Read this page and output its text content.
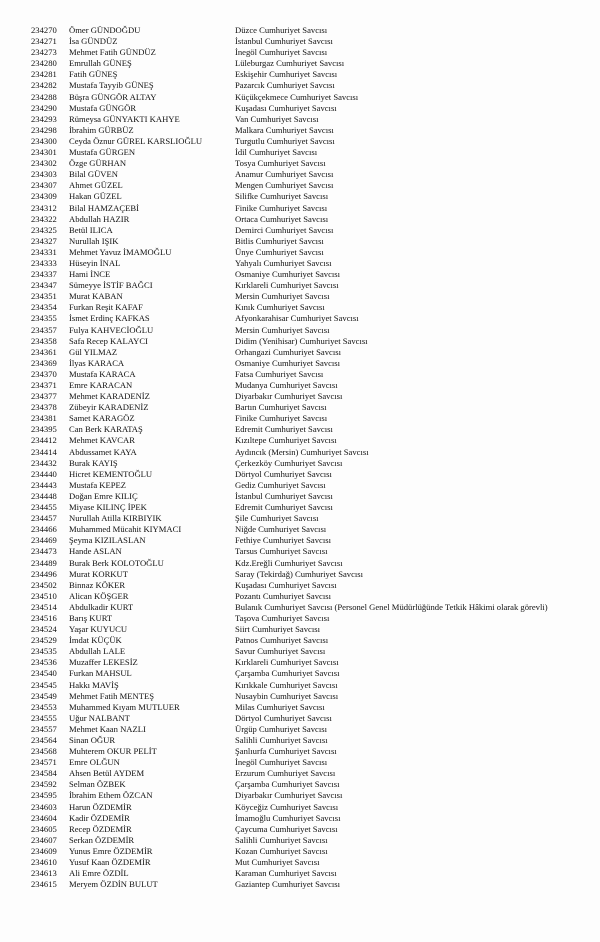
234270 Ömer GÜNDOĞDU	Düzce Cumhuriyet Savcısı
234271 İsa GÜNDÜZ	İstanbul Cumhuriyet Savcısı
234273 Mehmet Fatih GÜNDÜZ	İnegöl Cumhuriyet Savcısı
234280 Emrullah GÜNEŞ	Lüleburgaz Cumhuriyet Savcısı
234281 Fatih GÜNEŞ	Eskişehir Cumhuriyet Savcısı
234282 Mustafa Tayyib GÜNEŞ	Pazarcık Cumhuriyet Savcısı
234288 Büşra GÜNGÖR ALTAY	Küçükçekmece Cumhuriyet Savcısı
234290 Mustafa GÜNGÖR	Kuşadası Cumhuriyet Savcısı
234293 Rümeysa GÜNYAKTI KAHYE	Van Cumhuriyet Savcısı
234298 İbrahim GÜRBÜZ	Malkara Cumhuriyet Savcısı
234300 Ceyda Öznur GÜREL KARSLIOĞLU	Turgutlu Cumhuriyet Savcısı
234301 Mustafa GÜRGEN	İdil Cumhuriyet Savcısı
234302 Özge GÜRHAN	Tosya Cumhuriyet Savcısı
234303 Bilal GÜVEN	Anamur Cumhuriyet Savcısı
234307 Ahmet GÜZEL	Mengen Cumhuriyet Savcısı
234309 Hakan GÜZEL	Silifke Cumhuriyet Savcısı
234312 Bilal HAMZAÇEBİ	Finike Cumhuriyet Savcısı
234322 Abdullah HAZIR	Ortaca Cumhuriyet Savcısı
234325 Betül ILICA	Demirci Cumhuriyet Savcısı
234327 Nurullah IŞIK	Bitlis Cumhuriyet Savcısı
234331 Mehmet Yavuz İMAMOĞLU	Ünye Cumhuriyet Savcısı
234333 Hüseyin İNAL	Yahyalı Cumhuriyet Savcısı
234337 Hami İNCE	Osmaniye Cumhuriyet Savcısı
234347 Sümeyye İSTİF BAĞCI	Kırklareli Cumhuriyet Savcısı
234351 Murat KABAN	Mersin Cumhuriyet Savcısı
234354 Furkan Reşit KAFAF	Kınık Cumhuriyet Savcısı
234355 İsmet Erdinç KAFKAS	Afyonkarahisar Cumhuriyet Savcısı
234357 Fulya KAHVECİOĞLU	Mersin Cumhuriyet Savcısı
234358 Safa Recep KALAYCI	Didim (Yenihisar) Cumhuriyet Savcısı
234361 Gül YILMAZ	Orhangazi Cumhuriyet Savcısı
234369 İlyas KARACA	Osmaniye Cumhuriyet Savcısı
234370 Mustafa KARACA	Fatsa Cumhuriyet Savcısı
234371 Emre KARACAN	Mudanya Cumhuriyet Savcısı
234377 Mehmet KARADENİZ	Diyarbakır Cumhuriyet Savcısı
234378 Zübeyir KARADENİZ	Bartın Cumhuriyet Savcısı
234381 Samet KARAGÖZ	Finike Cumhuriyet Savcısı
234395 Can Berk KARATAŞ	Edremit Cumhuriyet Savcısı
234412 Mehmet KAVCAR	Kızıltepe Cumhuriyet Savcısı
234414 Abdussamet KAYA	Aydıncık (Mersin) Cumhuriyet Savcısı
234432 Burak KAYIŞ	Çerkezköy Cumhuriyet Savcısı
234440 Hicret KEMENTOĞLU	Dörtyol Cumhuriyet Savcısı
234443 Mustafa KEPEZ	Gediz Cumhuriyet Savcısı
234448 Doğan Emre KILIÇ	İstanbul Cumhuriyet Savcısı
234455 Miyase KILINÇ İPEK	Edremit Cumhuriyet Savcısı
234457 Nurullah Atilla KIRBIYIK	Şile Cumhuriyet Savcısı
234466 Muhammed Mücahit KIYMACI	Niğde Cumhuriyet Savcısı
234469 Şeyma KIZILASLAN	Fethiye Cumhuriyet Savcısı
234473 Hande ASLAN	Tarsus Cumhuriyet Savcısı
234489 Burak Berk KOLOTOĞLU	Kdz.Ereğli Cumhuriyet Savcısı
234496 Murat KORKUT	Saray (Tekirdağ) Cumhuriyet Savcısı
234502 Binnaz KÖKER	Kuşadası Cumhuriyet Savcısı
234510 Alican KÖŞGER	Pozantı Cumhuriyet Savcısı
234514 Abdulkadir KURT	Bulanık Cumhuriyet Savcısı (Personel Genel Müdürlüğünde Tetkik Hâkimi olarak görevli)
234516 Barış KURT	Taşova Cumhuriyet Savcısı
234524 Yaşar KUYUCU	Siirt Cumhuriyet Savcısı
234529 İmdat KÜÇÜK	Patnos Cumhuriyet Savcısı
234535 Abdullah LALE	Savur Cumhuriyet Savcısı
234536 Muzaffer LEKESİZ	Kırklareli Cumhuriyet Savcısı
234540 Furkan MAHSUL	Çarşamba Cumhuriyet Savcısı
234545 Hakkı MAVİŞ	Kırıkkale Cumhuriyet Savcısı
234549 Mehmet Fatih MENTEŞ	Nusaybin Cumhuriyet Savcısı
234553 Muhammed Kıyam MUTLUER	Milas Cumhuriyet Savcısı
234555 Uğur NALBANT	Dörtyol Cumhuriyet Savcısı
234557 Mehmet Kaan NAZLI	Ürgüp Cumhuriyet Savcısı
234564 Sinan OĞUR	Salihli Cumhuriyet Savcısı
234568 Muhterem OKUR PELİT	Şanlıurfa Cumhuriyet Savcısı
234571 Emre OLĞUN	İnegöl Cumhuriyet Savcısı
234584 Ahsen Betül AYDEM	Erzurum Cumhuriyet Savcısı
234592 Selman ÖZBEK	Çarşamba Cumhuriyet Savcısı
234595 İbrahim Ethem ÖZCAN	Diyarbakır Cumhuriyet Savcısı
234603 Harun ÖZDEMİR	Köyceğiz Cumhuriyet Savcısı
234604 Kadir ÖZDEMİR	İmamoğlu Cumhuriyet Savcısı
234605 Recep ÖZDEMİR	Çaycuma Cumhuriyet Savcısı
234607 Serkan ÖZDEMİR	Salihli Cumhuriyet Savcısı
234609 Yunus Emre ÖZDEMİR	Kozan Cumhuriyet Savcısı
234610 Yusuf Kaan ÖZDEMİR	Mut Cumhuriyet Savcısı
234613 Ali Emre ÖZDİL	Karaman Cumhuriyet Savcısı
234615 Meryem ÖZDİN BULUT	Gaziantep Cumhuriyet Savcısı
